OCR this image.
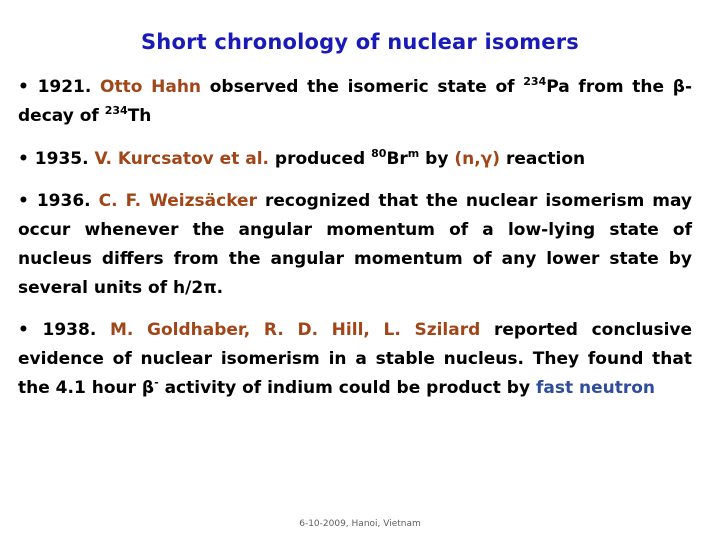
Short chronology of nuclear isomers
• 1921. Otto Hahn observed the isomeric state of $^{234}$Pa from the β-decay of $^{234}$Th
• 1935. V. Kurcsatov et al. produced $^{80}$Br$^m$ by (n,γ) reaction
• 1936. C. F. Weizsäcker recognized that the nuclear isomerism may occur whenever the angular momentum of a low-lying state of nucleus differs from the angular momentum of any lower state by several units of h/2π.
• 1938. M. Goldhaber, R. D. Hill, L. Szilard reported conclusive evidence of nuclear isomerism in a stable nucleus. They found that the 4.1 hour β- activity of indium could be product by fast neutron
6-10-2009, Hanoi, Vietnam
